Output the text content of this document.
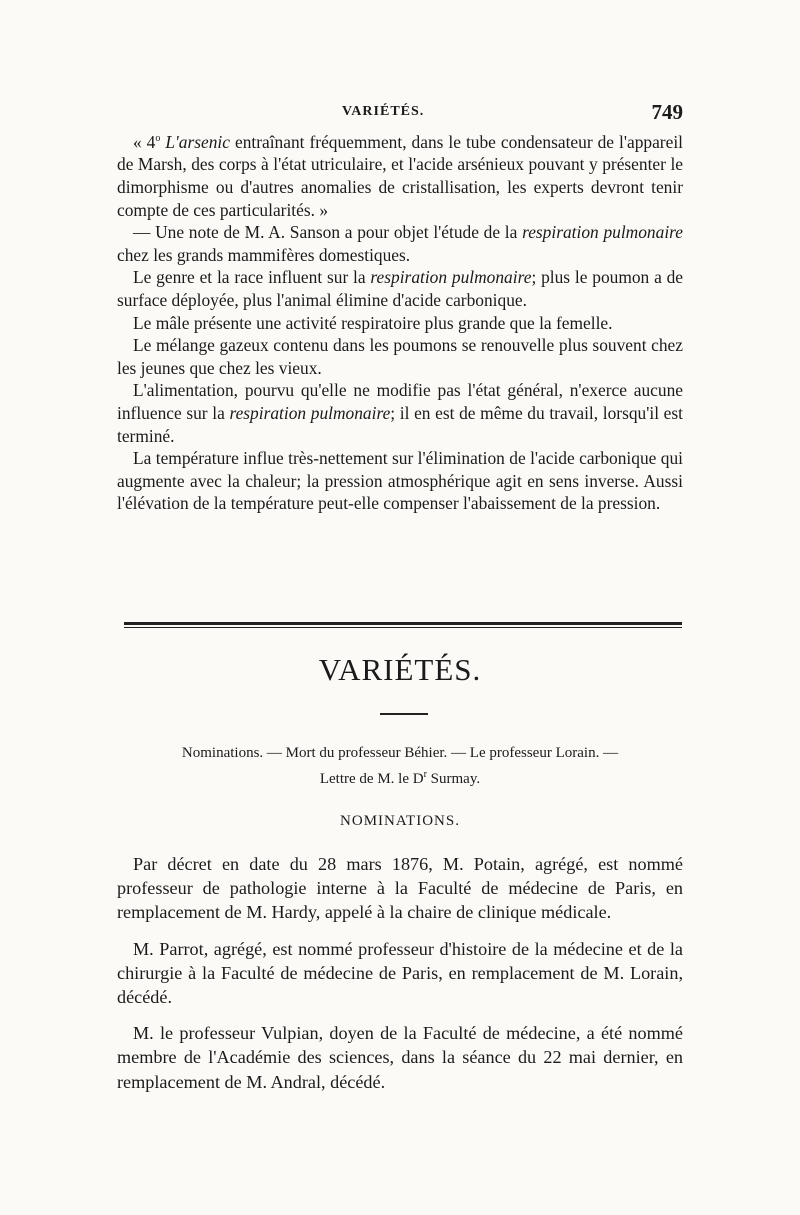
VARIÉTÉS.	749

« 4$^o$ L'arsenic entraînant fréquemment, dans le tube condensateur de l'appareil de Marsh, des corps à l'état utriculaire, et l'acide arsénieux pouvant y présenter le dimorphisme ou d'autres anomalies de cristallisation, les experts devront tenir compte de ces particularités. »

— Une note de M. A. Sanson a pour objet l'étude de la respiration pulmonaire chez les grands mammifères domestiques.

Le genre et la race influent sur la respiration pulmonaire; plus le poumon a de surface déployée, plus l'animal élimine d'acide carbonique.

Le mâle présente une activité respiratoire plus grande que la femelle.

Le mélange gazeux contenu dans les poumons se renouvelle plus souvent chez les jeunes que chez les vieux.

L'alimentation, pourvu qu'elle ne modifie pas l'état général, n'exerce aucune influence sur la respiration pulmonaire; il en est de même du travail, lorsqu'il est terminé.

La température influe très-nettement sur l'élimination de l'acide carbonique qui augmente avec la chaleur; la pression atmosphérique agit en sens inverse. Aussi l'élévation de la température peut-elle compenser l'abaissement de la pression.

VARIÉTÉS.
Nominations. — Mort du professeur Béhier. — Le professeur Lorain. —
Lettre de M. le $D^r$ Surmay.
NOMINATIONS.

Par décret en date du 28 mars 1876, M. Potain, agrégé, est nommé professeur de pathologie interne à la Faculté de médecine de Paris, en remplacement de M. Hardy, appelé à la chaire de clinique médicale.

M. Parrot, agrégé, est nommé professeur d'histoire de la médecine et de la chirurgie à la Faculté de médecine de Paris, en remplacement de M. Lorain, décédé.

M. le professeur Vulpian, doyen de la Faculté de médecine, a été nommé membre de l'Académie des sciences, dans la séance du 22 mai dernier, en remplacement de M. Andral, décédé.
